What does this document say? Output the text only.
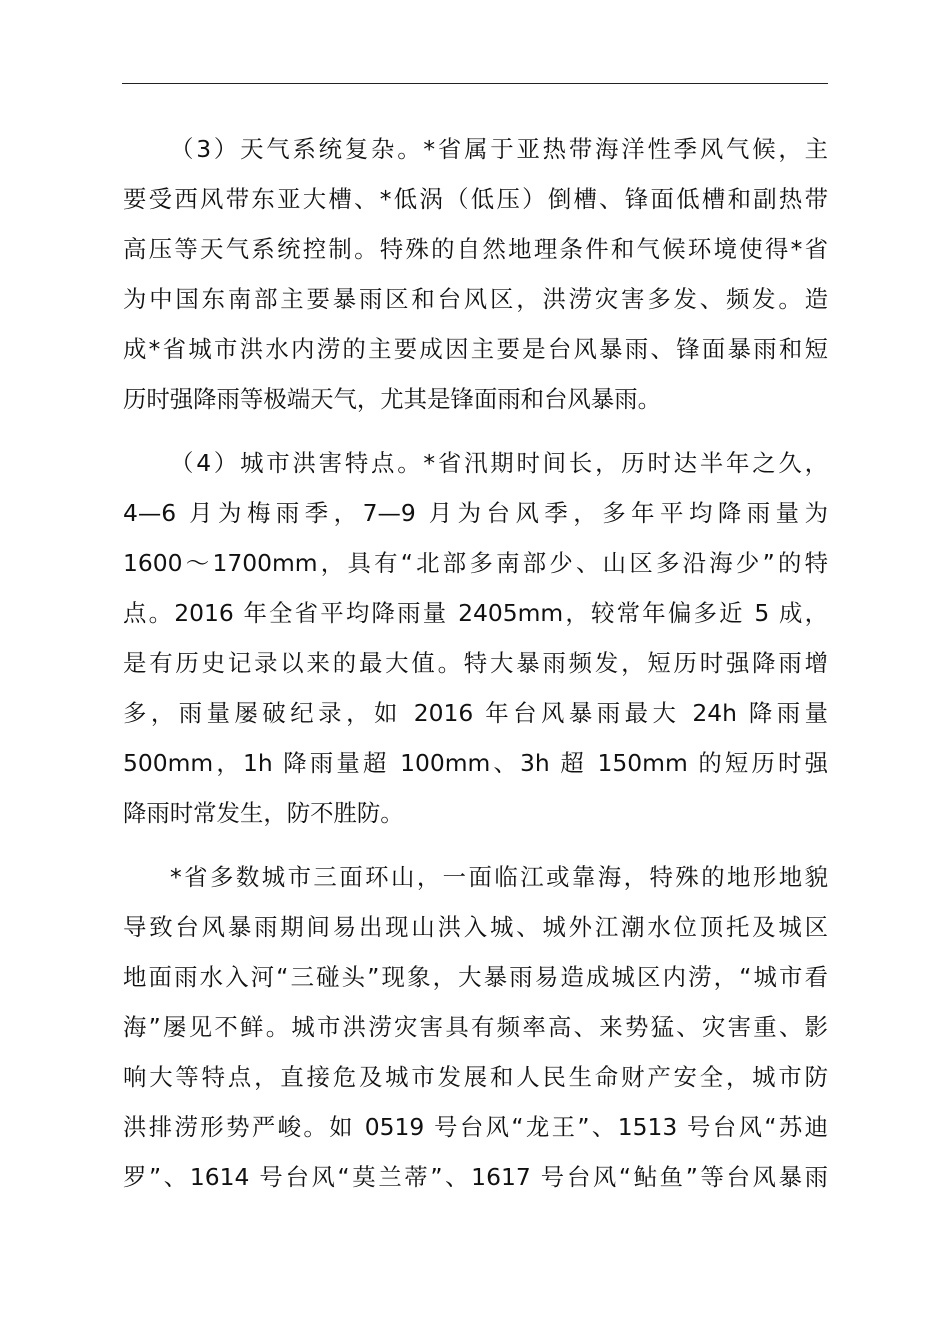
（3）天气系统复杂。*省属于亚热带海洋性季风气候，主
要受西风带东亚大槽、*低涡（低压）倒槽、锋面低槽和副热带
高压等天气系统控制。特殊的自然地理条件和气候环境使得*省
为中国东南部主要暴雨区和台风区，洪涝灾害多发、频发。造
成*省城市洪水内涝的主要成因主要是台风暴雨、锋面暴雨和短
历时强降雨等极端天气，尤其是锋面雨和台风暴雨。
（4）城市洪害特点。*省汛期时间长，历时达半年之久，
4—6 月为梅雨季，7—9 月为台风季，多年平均降雨量为
1600～1700mm，具有“北部多南部少、山区多沿海少”的特
点。2016 年全省平均降雨量 2405mm，较常年偏多近 5 成，
是有历史记录以来的最大值。特大暴雨频发，短历时强降雨增
多，雨量屡破纪录，如 2016 年台风暴雨最大 24h 降雨量
500mm，1h 降雨量超 100mm、3h 超 150mm 的短历时强
降雨时常发生，防不胜防。
*省多数城市三面环山，一面临江或靠海，特殊的地形地貌
导致台风暴雨期间易出现山洪入城、城外江潮水位顶托及城区
地面雨水入河“三碰头”现象，大暴雨易造成城区内涝，“城市看
海”屡见不鲜。城市洪涝灾害具有频率高、来势猛、灾害重、影
响大等特点，直接危及城市发展和人民生命财产安全，城市防
洪排涝形势严峻。如 0519 号台风“龙王”、1513 号台风“苏迪
罗”、1614 号台风“莫兰蒂”、1617 号台风“鲇鱼”等台风暴雨
